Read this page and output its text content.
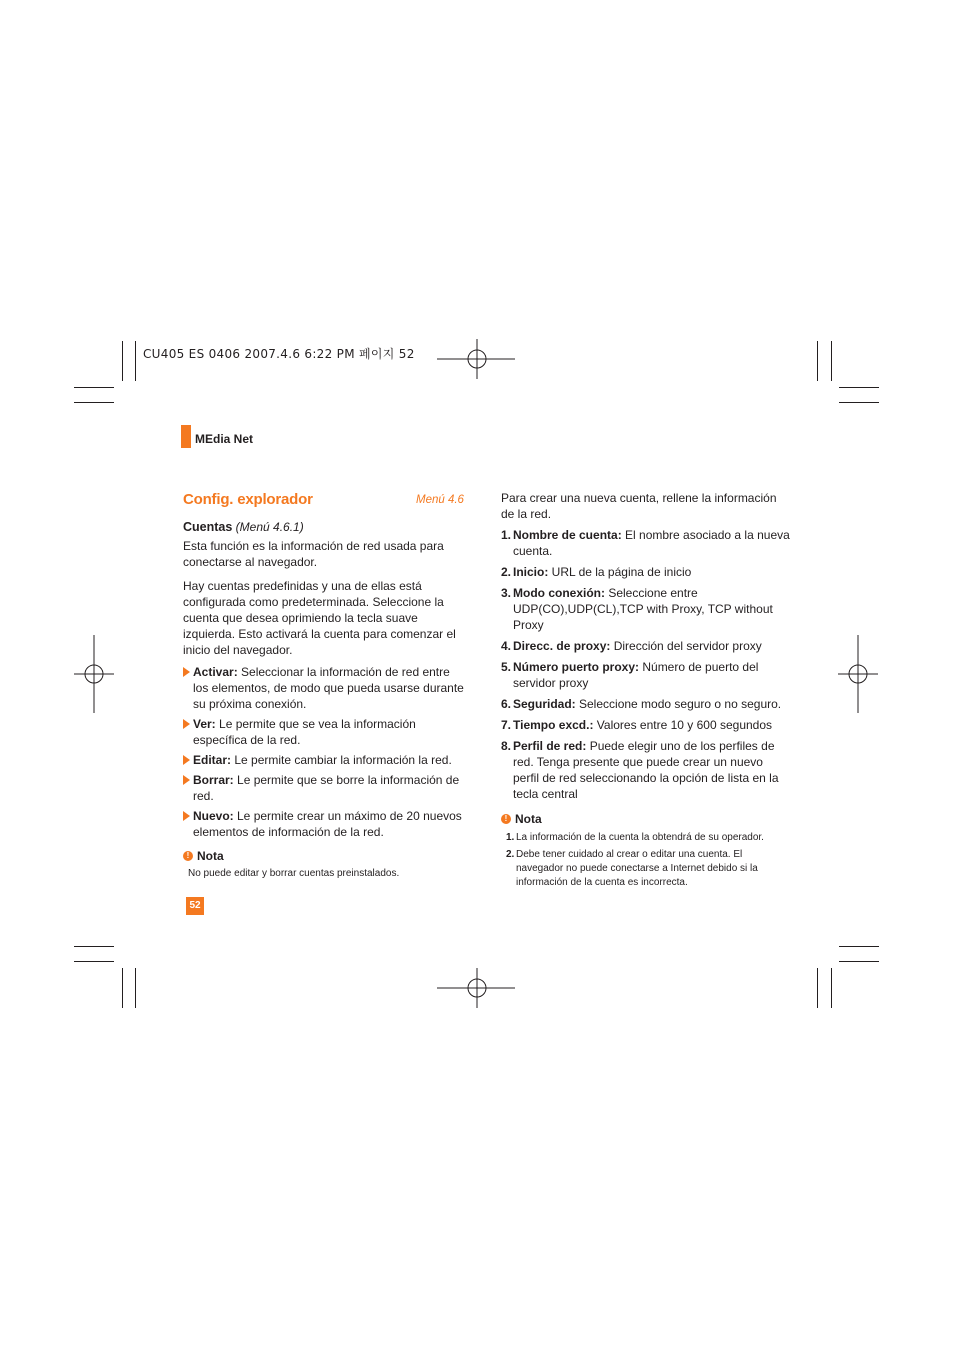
CU405 ES 0406 2007.4.6 6:22 PM 페이지 52
MEdia Net
Config. explorador	Menú 4.6

Cuentas (Menú 4.6.1)

Esta función es la información de red usada para conectarse al navegador.

Hay cuentas predefinidas y una de ellas está configurada como predeterminada. Seleccione la cuenta que desea oprimiendo la tecla suave izquierda. Esto activará la cuenta para comenzar el inicio del navegador.

Activar: Seleccionar la información de red entre los elementos, de modo que pueda usarse durante su próxima conexión.
Ver: Le permite que se vea la información específica de la red.
Editar: Le permite cambiar la información la red.
Borrar: Le permite que se borre la información de red.
Nuevo: Le permite crear un máximo de 20 nuevos elementos de información de la red.
! Nota

No puede editar y borrar cuentas preinstalados.

Para crear una nueva cuenta, rellene la información de la red.

1. Nombre de cuenta: El nombre asociado a la nueva cuenta.
2. Inicio: URL de la página de inicio
3. Modo conexión: Seleccione entre UDP(CO),UDP(CL),TCP with Proxy, TCP without Proxy
4. Direcc. de proxy: Dirección del servidor proxy
5. Número puerto proxy: Número de puerto del servidor proxy
6. Seguridad: Seleccione modo seguro o no seguro.
7. Tiempo excd.: Valores entre 10 y 600 segundos
8. Perfil de red: Puede elegir uno de los perfiles de red. Tenga presente que puede crear un nuevo perfil de red seleccionando la opción de lista en la tecla central
! Nota
1. La información de la cuenta la obtendrá de su operador.
2. Debe tener cuidado al crear o editar una cuenta. El navegador no puede conectarse a Internet debido si la información de la cuenta es incorrecta.
52
